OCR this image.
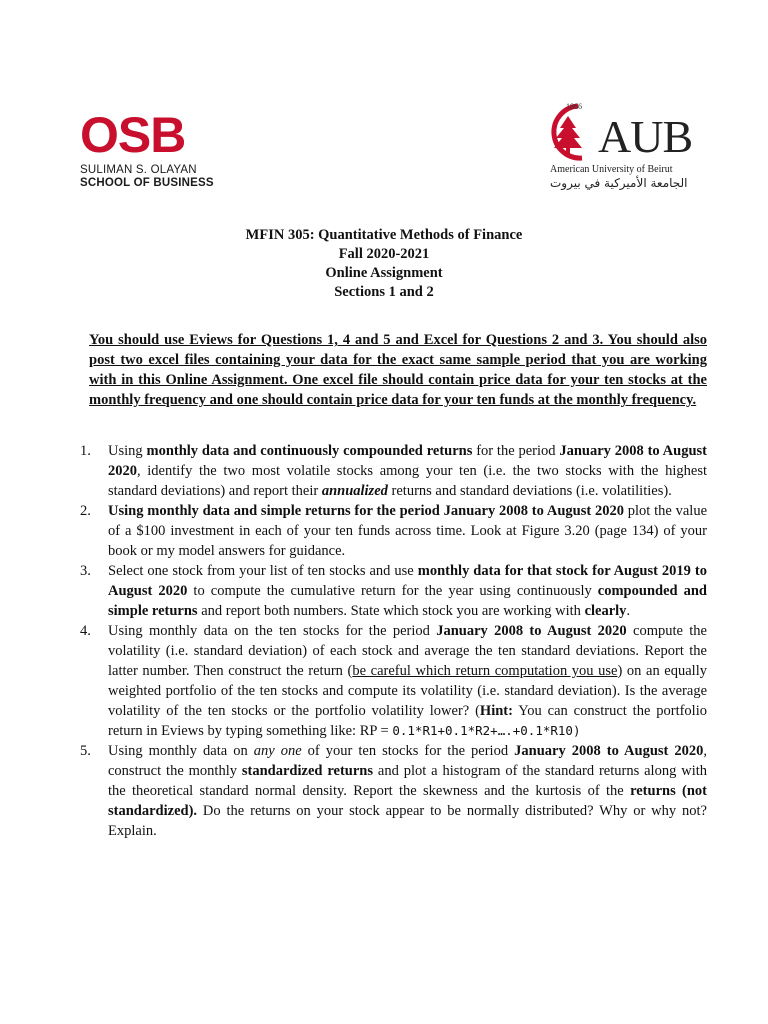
OSB
SULIMAN S. OLAYAN
SCHOOL OF BUSINESS
1866
AUB
American University of Beirut
الجامعة الأميركية في بيروت
MFIN 305: Quantitative Methods of Finance
Fall 2020-2021
Online Assignment
Sections 1 and 2
You should use Eviews for Questions 1, 4 and 5 and Excel for Questions 2 and 3. You should also post two excel files containing your data for the exact same sample period that you are working with in this Online Assignment. One excel file should contain price data for your ten stocks at the monthly frequency and one should contain price data for your ten funds at the monthly frequency.
1. Using monthly data and continuously compounded returns for the period January 2008 to August 2020, identify the two most volatile stocks among your ten (i.e. the two stocks with the highest standard deviations) and report their annualized returns and standard deviations (i.e. volatilities).
2. Using monthly data and simple returns for the period January 2008 to August 2020 plot the value of a $100 investment in each of your ten funds across time. Look at Figure 3.20 (page 134) of your book or my model answers for guidance.
3. Select one stock from your list of ten stocks and use monthly data for that stock for August 2019 to August 2020 to compute the cumulative return for the year using continuously compounded and simple returns and report both numbers. State which stock you are working with clearly.
4. Using monthly data on the ten stocks for the period January 2008 to August 2020 compute the volatility (i.e. standard deviation) of each stock and average the ten standard deviations. Report the latter number. Then construct the return (be careful which return computation you use) on an equally weighted portfolio of the ten stocks and compute its volatility (i.e. standard deviation). Is the average volatility of the ten stocks or the portfolio volatility lower? (Hint: You can construct the portfolio return in Eviews by typing something like: RP = 0.1*R1+0.1*R2+….+0.1*R10)
5. Using monthly data on any one of your ten stocks for the period January 2008 to August 2020, construct the monthly standardized returns and plot a histogram of the standard returns along with the theoretical standard normal density. Report the skewness and the kurtosis of the returns (not standardized). Do the returns on your stock appear to be normally distributed? Why or why not? Explain.
